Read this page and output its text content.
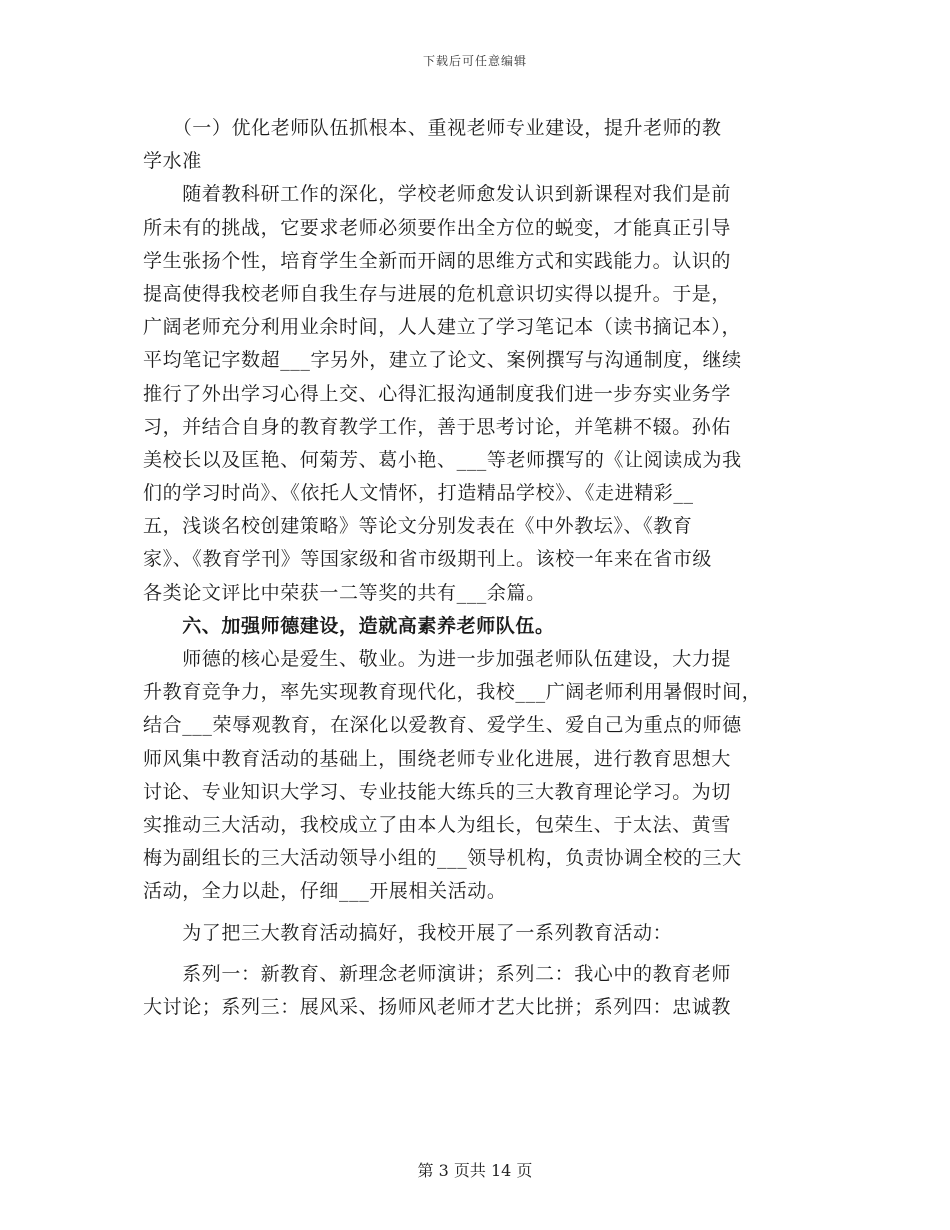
下载后可任意编辑
　　（一）优化老师队伍抓根本、重视老师专业建设，提升老师的教
学水准
　　随着教科研工作的深化，学校老师愈发认识到新课程对我们是前
所未有的挑战，它要求老师必须要作出全方位的蜕变，才能真正引导
学生张扬个性，培育学生全新而开阔的思维方式和实践能力。认识的
提高使得我校老师自我生存与进展的危机意识切实得以提升。于是，
广阔老师充分利用业余时间，人人建立了学习笔记本（读书摘记本），
平均笔记字数超___字另外，建立了论文、案例撰写与沟通制度，继续
推行了外出学习心得上交、心得汇报沟通制度我们进一步夯实业务学
习，并结合自身的教育教学工作，善于思考讨论，并笔耕不辍。孙佑
美校长以及匡艳、何菊芳、葛小艳、___等老师撰写的《让阅读成为我
们的学习时尚》、《依托人文情怀，打造精品学校》、《走进精彩__
五，浅谈名校创建策略》等论文分别发表在《中外教坛》、《教育
家》、《教育学刊》等国家级和省市级期刊上。该校一年来在省市级
各类论文评比中荣获一二等奖的共有___余篇。
　　六、加强师德建设，造就高素养老师队伍。
　　师德的核心是爱生、敬业。为进一步加强老师队伍建设，大力提
升教育竞争力，率先实现教育现代化，我校___广阔老师利用暑假时间，
结合___荣辱观教育，在深化以爱教育、爱学生、爱自己为重点的师德
师风集中教育活动的基础上，围绕老师专业化进展，进行教育思想大
讨论、专业知识大学习、专业技能大练兵的三大教育理论学习。为切
实推动三大活动，我校成立了由本人为组长，包荣生、于太法、黄雪
梅为副组长的三大活动领导小组的___领导机构，负责协调全校的三大
活动，全力以赴，仔细___开展相关活动。
　　为了把三大教育活动搞好，我校开展了一系列教育活动：
　　系列一：新教育、新理念老师演讲；系列二：我心中的教育老师
大讨论；系列三：展风采、扬师风老师才艺大比拼；系列四：忠诚教
第 3 页共 14 页
